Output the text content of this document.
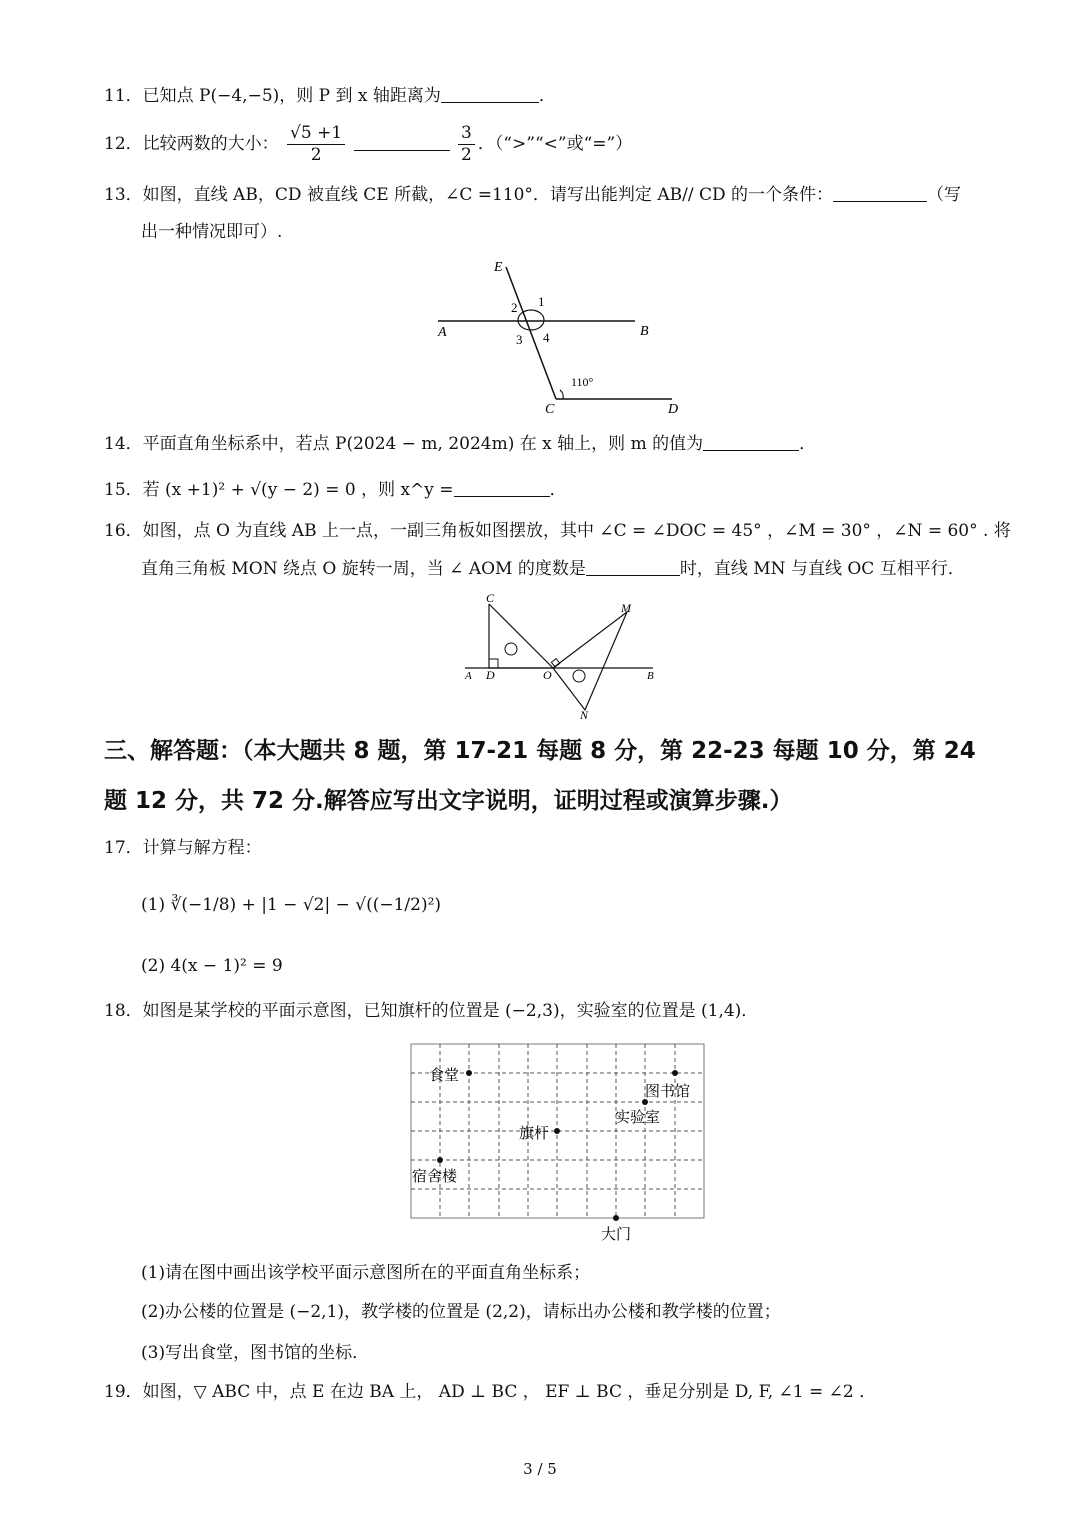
11．已知点 P(−4,−5)，则 P 到 x 轴距离为	．
12．比较两数的大小： $\frac{√5 +1}{2}$
	$\frac{3}{2}$ ．（“>”“<”或“=”）
13．如图，直线 AB，CD 被直线 CE 所截，∠C =110°．请写出能判定 AB// CD 的一个条件：	（写
出一种情况即可）.
E
A	B
C	D
1
2
3 4
110°
14．平面直角坐标系中，若点 P(2024 − m, 2024m) 在 x 轴上，则 m 的值为	．
15．若 (x +1)² + √(y − 2) = 0 ，则 x^y =	．
16．如图，点 O 为直线 AB 上一点，一副三角板如图摆放，其中 ∠C = ∠DOC = 45° ，∠M = 30° ，∠N = 60° . 将
直角三角板 MON 绕点 O 旋转一周，当 ∠ AOM 的度数是	时，直线 MN 与直线 OC 互相平行．
C
M
A D	O	B
N
三、解答题：（本大题共 8 题，第 17-21 每题 8 分，第 22-23 每题 10 分，第 24
题 12 分，共 72 分.解答应写出文字说明，证明过程或演算步骤.）
17．计算与解方程：
(1) ∛(−1/8) + |1 − √2| − √((−1/2)²)
(2) 4(x − 1)² = 9
18．如图是某学校的平面示意图，已知旗杆的位置是 (−2,3)，实验室的位置是 (1,4)．
食堂
图书馆
实验室
旗杆
宿舍楼
大门
(1)请在图中画出该学校平面示意图所在的平面直角坐标系；
(2)办公楼的位置是 (−2,1)，教学楼的位置是 (2,2)，请标出办公楼和教学楼的位置；
(3)写出食堂，图书馆的坐标．
19．如图，▽ ABC 中，点 E 在边 BA 上， AD ⊥ BC ， EF ⊥ BC ，垂足分别是 D, F, ∠1 = ∠2 ．
3 / 5
